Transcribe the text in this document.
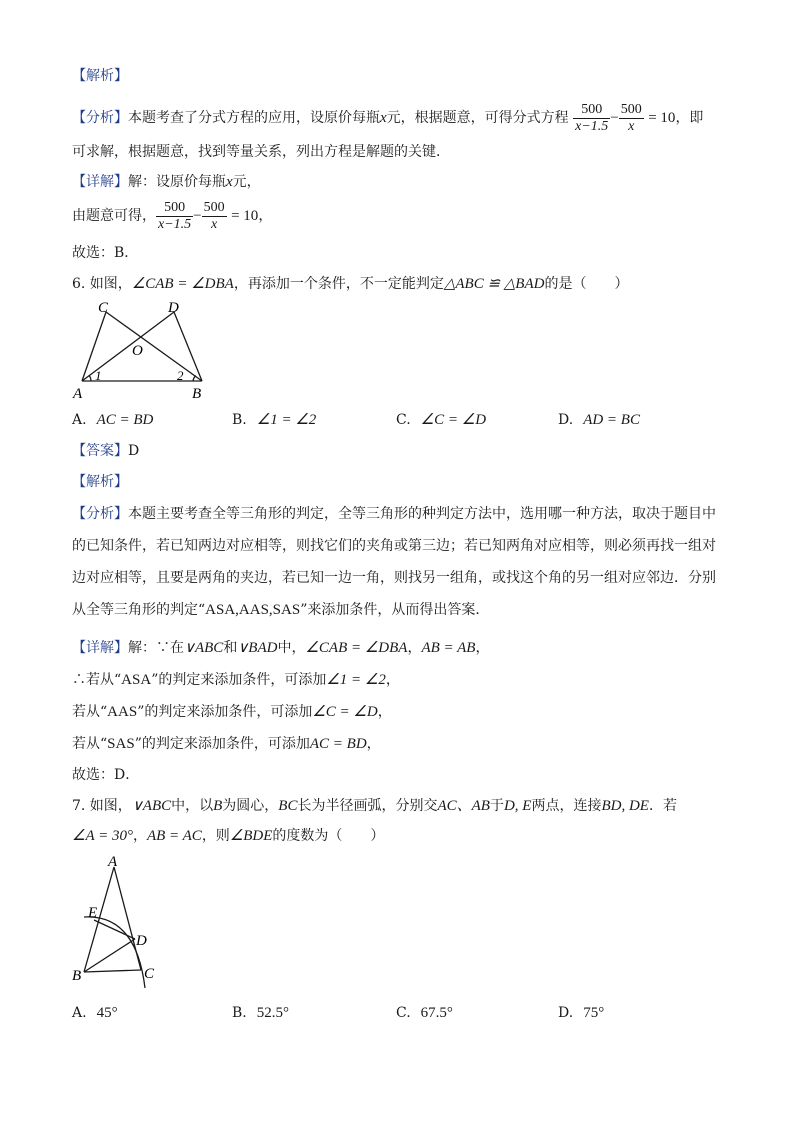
【解析】
【分析】本题考查了分式方程的应用，设原价每瓶x元，根据题意，可得分式方程 $\frac{500}{x-1.5} - \frac{500}{x} = 10$，即
可求解，根据题意，找到等量关系，列出方程是解题的关键．
【详解】解：设原价每瓶x元，
由题意可得， $\frac{500}{x-1.5} - \frac{500}{x} = 10$，
故选：B．
6. 如图，∠CAB = ∠DBA，再添加一个条件，不一定能判定△ABC ≌ △BAD的是（　　）
C	D
O
A	B
1	2
A. AC = BD	B. ∠1 = ∠2	C. ∠C = ∠D	D. AD = BC
【答案】D
【解析】
【分析】本题主要考查全等三角形的判定，全等三角形的种判定方法中，选用哪一种方法，取决于题目中
的已知条件，若已知两边对应相等，则找它们的夹角或第三边；若已知两角对应相等，则必须再找一组对
边对应相等，且要是两角的夹边，若已知一边一角，则找另一组角，或找这个角的另一组对应邻边．分别
从全等三角形的判定“ASA,AAS,SAS”来添加条件，从而得出答案．
【详解】解：∵在∨ABC和∨BAD中，∠CAB = ∠DBA，AB = AB，
∴若从“ASA”的判定来添加条件，可添加∠1 = ∠2，
若从“AAS”的判定来添加条件，可添加∠C = ∠D，
若从“SAS”的判定来添加条件，可添加AC = BD，
故选：D．
7. 如图，∨ABC中，以B为圆心，BC长为半径画弧，分别交AC、AB于D, E两点，连接BD, DE．若
∠A = 30°，AB = AC，则∠BDE的度数为（　　）
A
E
D
B	C
A. 45°	B. 52.5°	C. 67.5°	D. 75°
